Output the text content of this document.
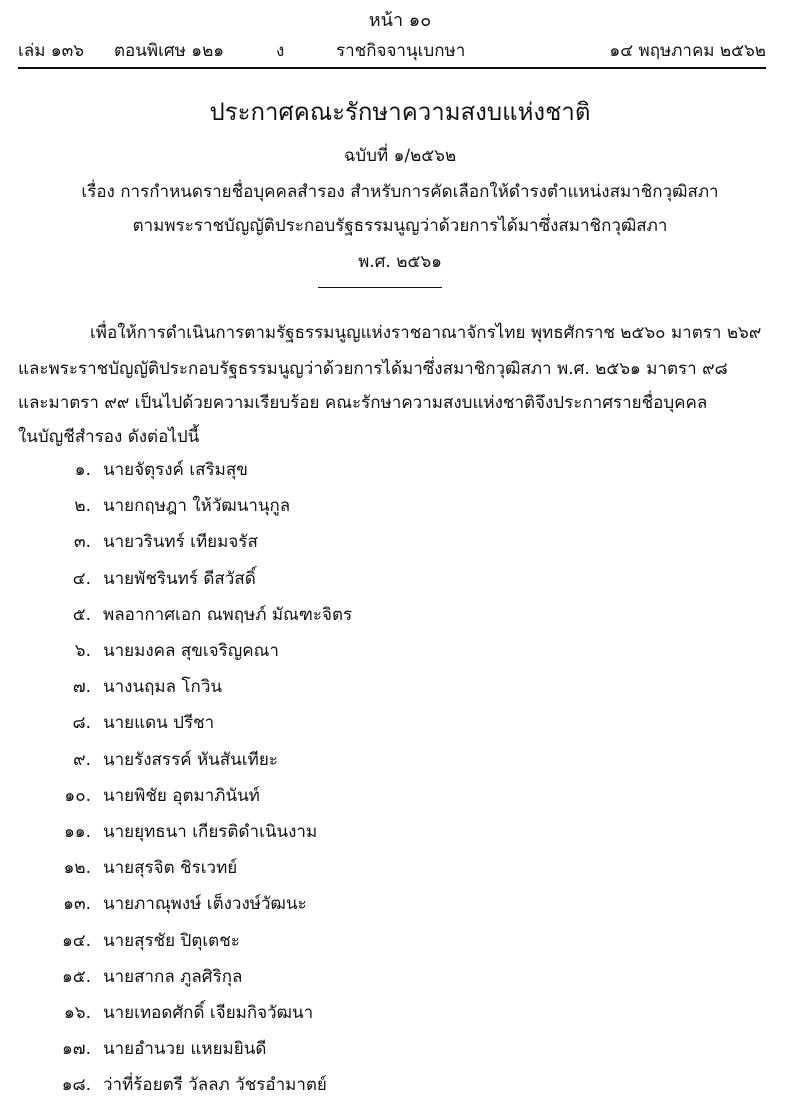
หน้า ๑๐
เล่ม ๑๓๖ ตอนพิเศษ ๑๒๑	ง	ราชกิจจานุเบกษา	๑๔ พฤษภาคม ๒๕๖๒
ประกาศคณะรักษาความสงบแห่งชาติ
ฉบับที่ ๑/๒๕๖๒
เรื่อง การกำหนดรายชื่อบุคคลสำรอง สำหรับการคัดเลือกให้ดำรงตำแหน่งสมาชิกวุฒิสภา
ตามพระราชบัญญัติประกอบรัฐธรรมนูญว่าด้วยการได้มาซึ่งสมาชิกวุฒิสภา
พ.ศ. ๒๕๖๑
เพื่อให้การดำเนินการตามรัฐธรรมนูญแห่งราชอาณาจักรไทย พุทธศักราช ๒๕๖๐ มาตรา ๒๖๙
และพระราชบัญญัติประกอบรัฐธรรมนูญว่าด้วยการได้มาซึ่งสมาชิกวุฒิสภา พ.ศ. ๒๕๖๑ มาตรา ๙๘
และมาตรา ๙๙ เป็นไปด้วยความเรียบร้อย คณะรักษาความสงบแห่งชาติจึงประกาศรายชื่อบุคคล
ในบัญชีสำรอง ดังต่อไปนี้
๑. นายจัตุรงค์ เสริมสุข
๒. นายกฤษฎา ให้วัฒนานุกูล
๓. นายวรินทร์ เทียมจรัส
๔. นายพัชรินทร์ ดีสวัสดิ์
๕. พลอากาศเอก ณพฤษภ์ มัณฑะจิตร
๖. นายมงคล สุขเจริญคณา
๗. นางนฤมล โกวิน
๘. นายแดน ปรีชา
๙. นายรังสรรค์ หันสันเทียะ
๑๐. นายพิชัย อุตมาภินันท์
๑๑. นายยุทธนา เกียรติดำเนินงาม
๑๒. นายสุรจิต ชิรเวทย์
๑๓. นายภาณุพงษ์ เต็งวงษ์วัฒนะ
๑๔. นายสุรชัย ปิตุเตชะ
๑๕. นายสากล ภูลศิริกุล
๑๖. นายเทอดศักดิ์ เจียมกิจวัฒนา
๑๗. นายอำนวย แหยมยินดี
๑๘. ว่าที่ร้อยตรี วัลลภ วัชรอำมาตย์
